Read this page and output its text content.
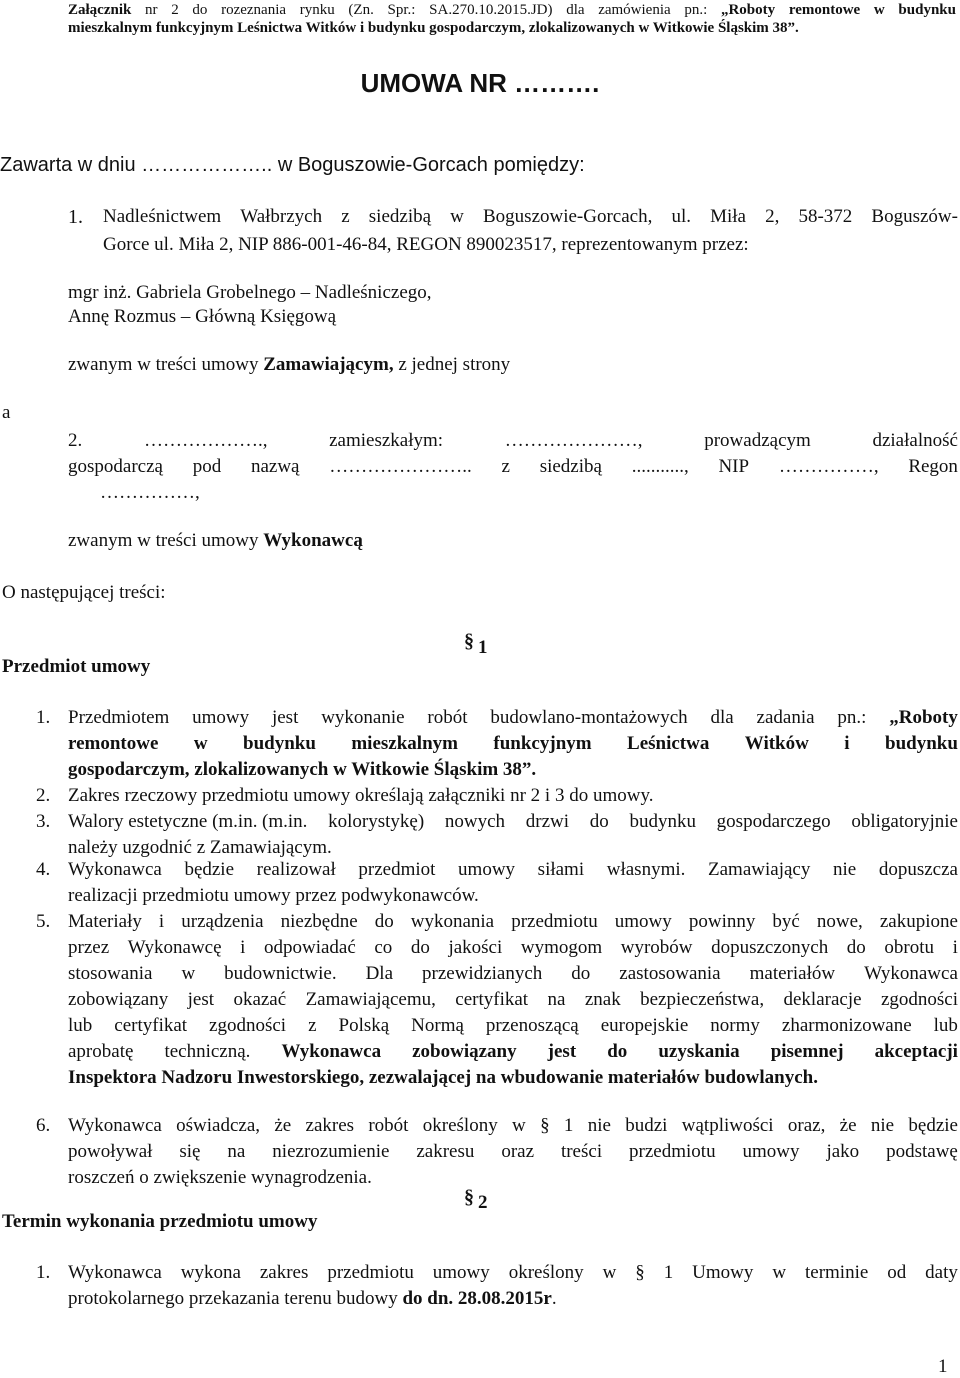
Załącznik nr 2 do rozeznania rynku (Zn. Spr.: SA.270.10.2015.JD) dla zamówienia pn.: „Roboty remontowe w budynku
mieszkalnym funkcyjnym Leśnictwa Witków i budynku gospodarczym, zlokalizowanych w Witkowie Śląskim 38”.
UMOWA NR ……….
Zawarta w dniu ……………….. w Boguszowie-Gorcach pomiędzy:
1. Nadleśnictwem Wałbrzych z siedzibą w Boguszowie-Gorcach, ul. Miła 2, 58-372 Boguszów-
Gorce ul. Miła 2, NIP 886-001-46-84, REGON 890023517, reprezentowanym przez:
mgr inż. Gabriela Grobelnego – Nadleśniczego,
Annę Rozmus – Główną Księgową
zwanym w treści umowy Zamawiającym, z jednej strony
a
2.	……………….,	zamieszkałym:	…………………,	prowadzącym	działalność
gospodarczą pod nazwą ………………….. z siedzibą ..........., NIP ……………, Regon
……………,
zwanym w treści umowy Wykonawcą
O następującej treści:
§ 1
Przedmiot umowy
1. Przedmiotem umowy jest wykonanie robót budowlano-montażowych dla zadania pn.: „Roboty
remontowe w budynku mieszkalnym funkcyjnym Leśnictwa Witków i budynku
gospodarczym, zlokalizowanych w Witkowie Śląskim 38”.
2. Zakres rzeczowy przedmiotu umowy określają załączniki nr 2 i 3 do umowy.
3. Walory estetyczne (m.in. (m.in. kolorystykę) nowych drzwi do budynku gospodarczego obligatoryjnie
należy uzgodnić z Zamawiającym.
4. Wykonawca będzie realizował przedmiot umowy siłami własnymi. Zamawiający nie dopuszcza
realizacji przedmiotu umowy przez podwykonawców.
5. Materiały i urządzenia niezbędne do wykonania przedmiotu umowy powinny być nowe, zakupione
przez Wykonawcę i odpowiadać co do jakości wymogom wyrobów dopuszczonych do obrotu i
stosowania w budownictwie. Dla przewidzianych do zastosowania materiałów Wykonawca
zobowiązany jest okazać Zamawiającemu, certyfikat na znak bezpieczeństwa, deklaracje zgodności
lub certyfikat zgodności z Polską Normą przenoszącą europejskie normy zharmonizowane lub
aprobatę techniczną. Wykonawca zobowiązany jest do uzyskania pisemnej akceptacji
Inspektora Nadzoru Inwestorskiego, zezwalającej na wbudowanie materiałów budowlanych.
6. Wykonawca oświadcza, że zakres robót określony w § 1 nie budzi wątpliwości oraz, że nie będzie
powoływał się na niezrozumienie zakresu oraz treści przedmiotu umowy jako podstawę
roszczeń o zwiększenie wynagrodzenia.
§ 2
Termin wykonania przedmiotu umowy
1. Wykonawca wykona zakres przedmiotu umowy określony w § 1 Umowy w terminie od daty
protokolarnego przekazania terenu budowy do dn. 28.08.2015r.
1
